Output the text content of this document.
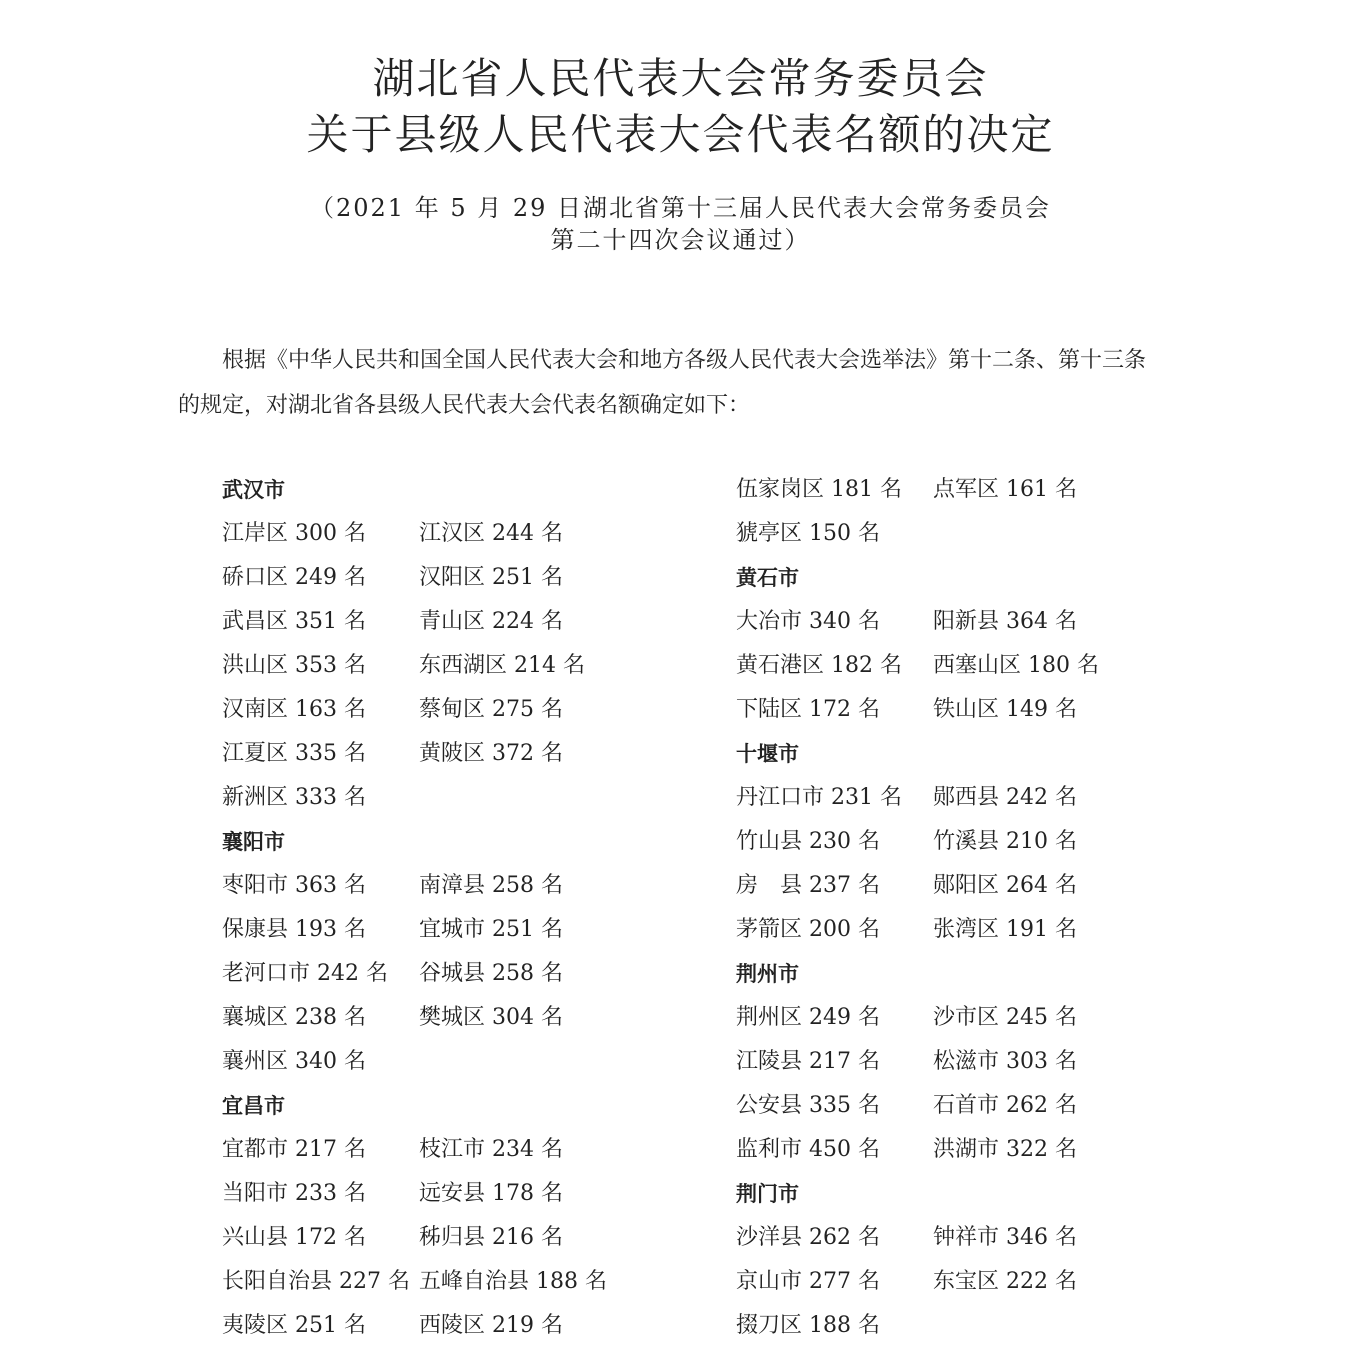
湖北省人民代表大会常务委员会
关于县级人民代表大会代表名额的决定
（2021 年 5 月 29 日湖北省第十三届人民代表大会常务委员会
第二十四次会议通过）
根据《中华人民共和国全国人民代表大会和地方各级人民代表大会选举法》第十二条、第十三条的规定，对湖北省各县级人民代表大会代表名额确定如下：
武汉市
江岸区 300 名 江汉区 244 名
硚口区 249 名 汉阳区 251 名
武昌区 351 名 青山区 224 名
洪山区 353 名 东西湖区 214 名
汉南区 163 名 蔡甸区 275 名
江夏区 335 名 黄陂区 372 名
新洲区 333 名
襄阳市
枣阳市 363 名 南漳县 258 名
保康县 193 名 宜城市 251 名
老河口市 242 名 谷城县 258 名
襄城区 238 名 樊城区 304 名
襄州区 340 名
宜昌市
宜都市 217 名 枝江市 234 名
当阳市 233 名 远安县 178 名
兴山县 172 名 秭归县 216 名
长阳自治县 227 名 五峰自治县 188 名
夷陵区 251 名 西陵区 219 名
伍家岗区 181 名 点军区 161 名
猇亭区 150 名
黄石市
大冶市 340 名 阳新县 364 名
黄石港区 182 名 西塞山区 180 名
下陆区 172 名 铁山区 149 名
十堰市
丹江口市 231 名 郧西县 242 名
竹山县 230 名 竹溪县 210 名
房　县 237 名 郧阳区 264 名
茅箭区 200 名 张湾区 191 名
荆州市
荆州区 249 名 沙市区 245 名
江陵县 217 名 松滋市 303 名
公安县 335 名 石首市 262 名
监利市 450 名 洪湖市 322 名
荆门市
沙洋县 262 名 钟祥市 346 名
京山市 277 名 东宝区 222 名
掇刀区 188 名
